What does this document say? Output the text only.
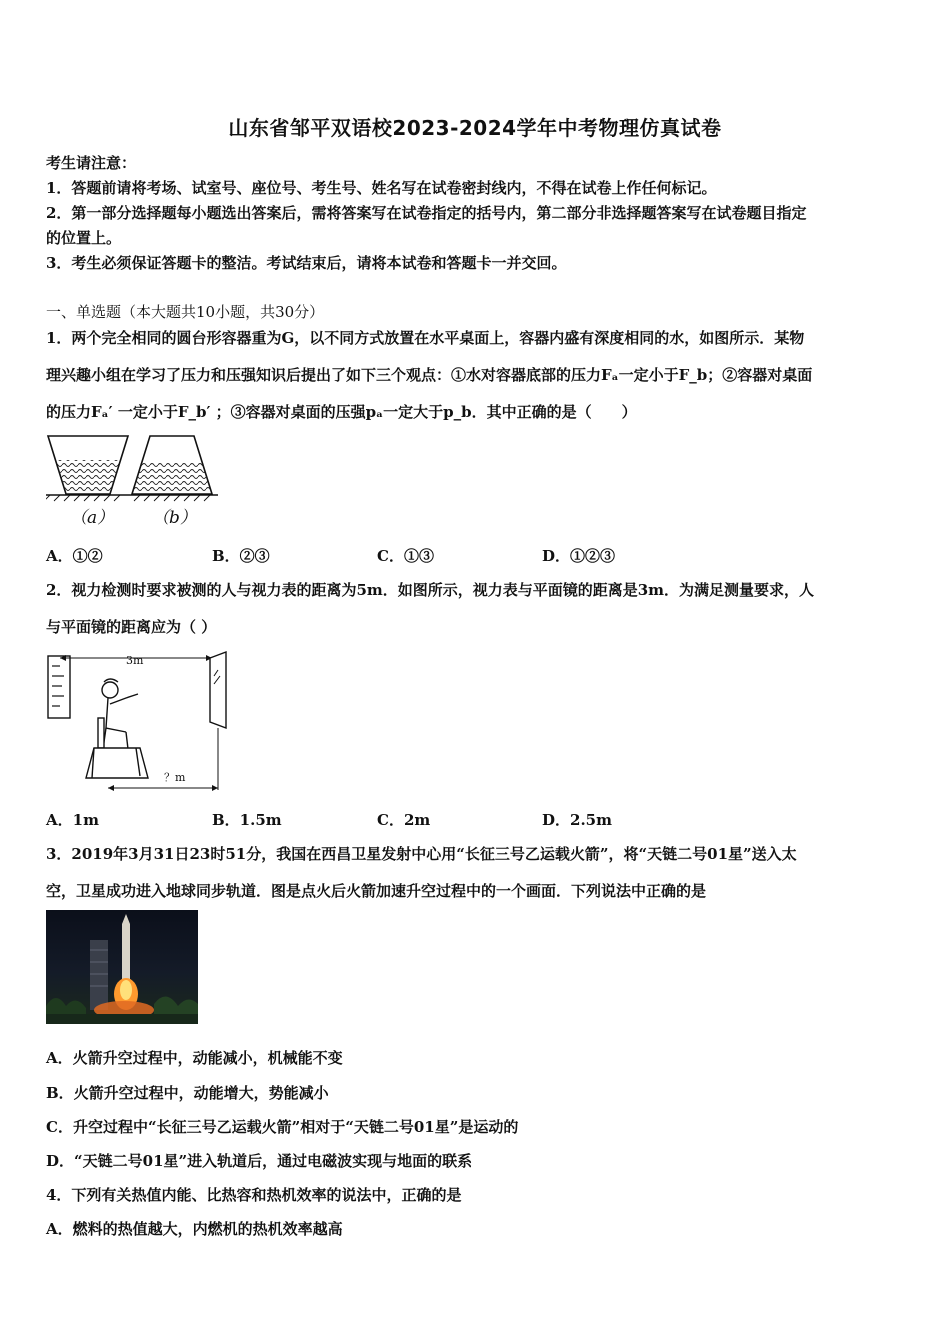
山东省邹平双语校2023-2024学年中考物理仿真试卷
考生请注意：
1．答题前请将考场、试室号、座位号、考生号、姓名写在试卷密封线内，不得在试卷上作任何标记。
2．第一部分选择题每小题选出答案后，需将答案写在试卷指定的括号内，第二部分非选择题答案写在试卷题目指定
的位置上。
3．考生必须保证答题卡的整洁。考试结束后，请将本试卷和答题卡一并交回。
一、单选题（本大题共10小题，共30分）
1．两个完全相同的圆台形容器重为G，以不同方式放置在水平桌面上，容器内盛有深度相同的水，如图所示．某物
理兴趣小组在学习了压力和压强知识后提出了如下三个观点：①水对容器底部的压力Fₐ一定小于F_b；②容器对桌面
的压力Fₐ′ 一定小于F_b′ ；③容器对桌面的压强pₐ一定大于p_b．其中正确的是（　　）
（a） （b）
A．①②	B．②③	C．①③	D．①②③
2．视力检测时要求被测的人与视力表的距离为5m．如图所示，视力表与平面镜的距离是3m．为满足测量要求，人
与平面镜的距离应为（ ）
3m
？m
A．1m	B．1.5m	C．2m	D．2.5m
3．2019年3月31日23时51分，我国在西昌卫星发射中心用“长征三号乙运载火箭”，将“天链二号01星”送入太
空，卫星成功进入地球同步轨道．图是点火后火箭加速升空过程中的一个画面．下列说法中正确的是
A．火箭升空过程中，动能减小，机械能不变
B．火箭升空过程中，动能增大，势能减小
C．升空过程中“长征三号乙运载火箭”相对于“天链二号01星”是运动的
D．“天链二号01星”进入轨道后，通过电磁波实现与地面的联系
4．下列有关热值内能、比热容和热机效率的说法中，正确的是
A．燃料的热值越大，内燃机的热机效率越高
